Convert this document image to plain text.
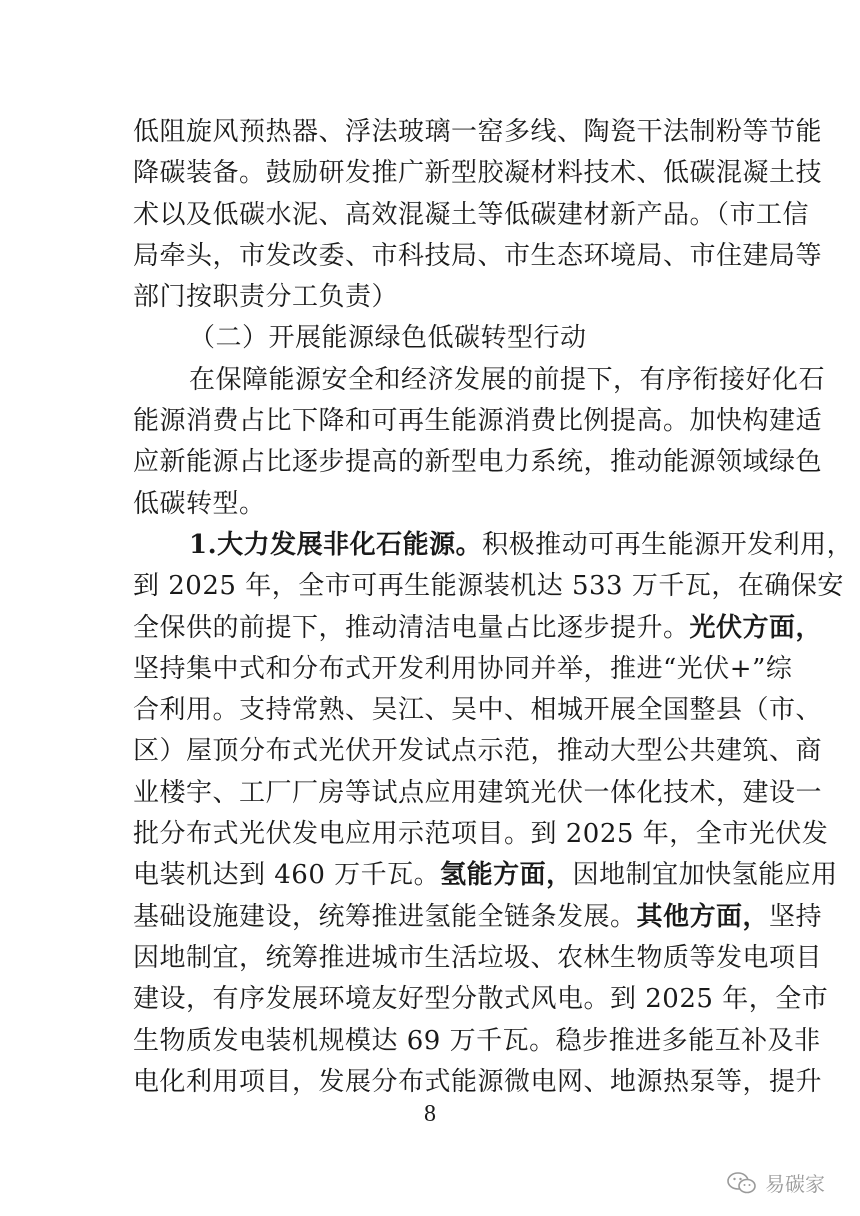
低阻旋风预热器、浮法玻璃一窑多线、陶瓷干法制粉等节能
降碳装备。鼓励研发推广新型胶凝材料技术、低碳混凝土技
术以及低碳水泥、高效混凝土等低碳建材新产品。（市工信
局牵头，市发改委、市科技局、市生态环境局、市住建局等
部门按职责分工负责）
（二）开展能源绿色低碳转型行动
在保障能源安全和经济发展的前提下，有序衔接好化石
能源消费占比下降和可再生能源消费比例提高。加快构建适
应新能源占比逐步提高的新型电力系统，推动能源领域绿色
低碳转型。
1.大力发展非化石能源。积极推动可再生能源开发利用，
到 2025 年，全市可再生能源装机达 533 万千瓦，在确保安
全保供的前提下，推动清洁电量占比逐步提升。光伏方面，
坚持集中式和分布式开发利用协同并举，推进“光伏+”综
合利用。支持常熟、吴江、吴中、相城开展全国整县（市、
区）屋顶分布式光伏开发试点示范，推动大型公共建筑、商
业楼宇、工厂厂房等试点应用建筑光伏一体化技术，建设一
批分布式光伏发电应用示范项目。到 2025 年，全市光伏发
电装机达到 460 万千瓦。氢能方面，因地制宜加快氢能应用
基础设施建设，统筹推进氢能全链条发展。其他方面，坚持
因地制宜，统筹推进城市生活垃圾、农林生物质等发电项目
建设，有序发展环境友好型分散式风电。到 2025 年，全市
生物质发电装机规模达 69 万千瓦。稳步推进多能互补及非
电化利用项目，发展分布式能源微电网、地源热泵等，提升
8
易碳家
